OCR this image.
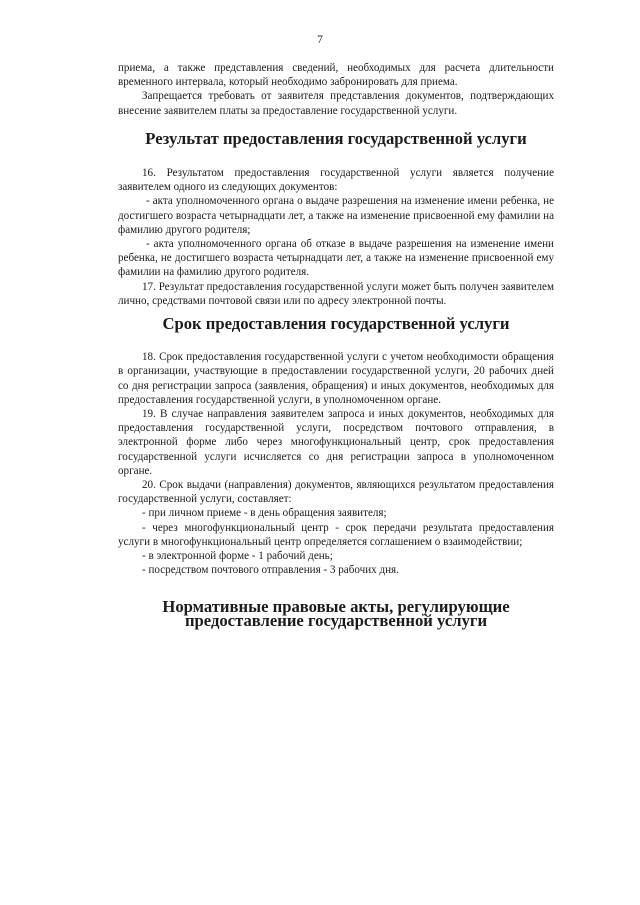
7

приема, а также представления сведений, необходимых для расчета длительности временного интервала, который необходимо забронировать для приема.

Запрещается требовать от заявителя представления документов, подтверждающих внесение заявителем платы за предоставление государственной услуги.

Результат предоставления государственной услуги

16. Результатом предоставления государственной услуги является получение заявителем одного из следующих документов:

- акта уполномоченного органа о выдаче разрешения на изменение имени ребенка, не достигшего возраста четырнадцати лет, а также на изменение присвоенной ему фамилии на фамилию другого родителя;

- акта уполномоченного органа об отказе в выдаче разрешения на изменение имени ребенка, не достигшего возраста четырнадцати лет, а также на изменение присвоенной ему фамилии на фамилию другого родителя.

17. Результат предоставления государственной услуги может быть получен заявителем лично, средствами почтовой связи или по адресу электронной почты.

Срок предоставления государственной услуги

18. Срок предоставления государственной услуги с учетом необходимости обращения в организации, участвующие в предоставлении государственной услуги, 20 рабочих дней со дня регистрации запроса (заявления, обращения) и иных документов, необходимых для предоставления государственной услуги, в уполномоченном органе.

19. В случае направления заявителем запроса и иных документов, необходимых для предоставления государственной услуги, посредством почтового отправления, в электронной форме либо через многофункциональный центр, срок предоставления государственной услуги исчисляется со дня регистрации запроса в уполномоченном органе.

20. Срок выдачи (направления) документов, являющихся результатом предоставления государственной услуги, составляет:

- при личном приеме - в день обращения заявителя;

- через многофункциональный центр - срок передачи результата предоставления услуги в многофункциональный центр определяется соглашением о взаимодействии;

- в электронной форме - 1 рабочий день;

- посредством почтового отправления - 3 рабочих дня.

Нормативные правовые акты, регулирующие предоставление государственной услуги
